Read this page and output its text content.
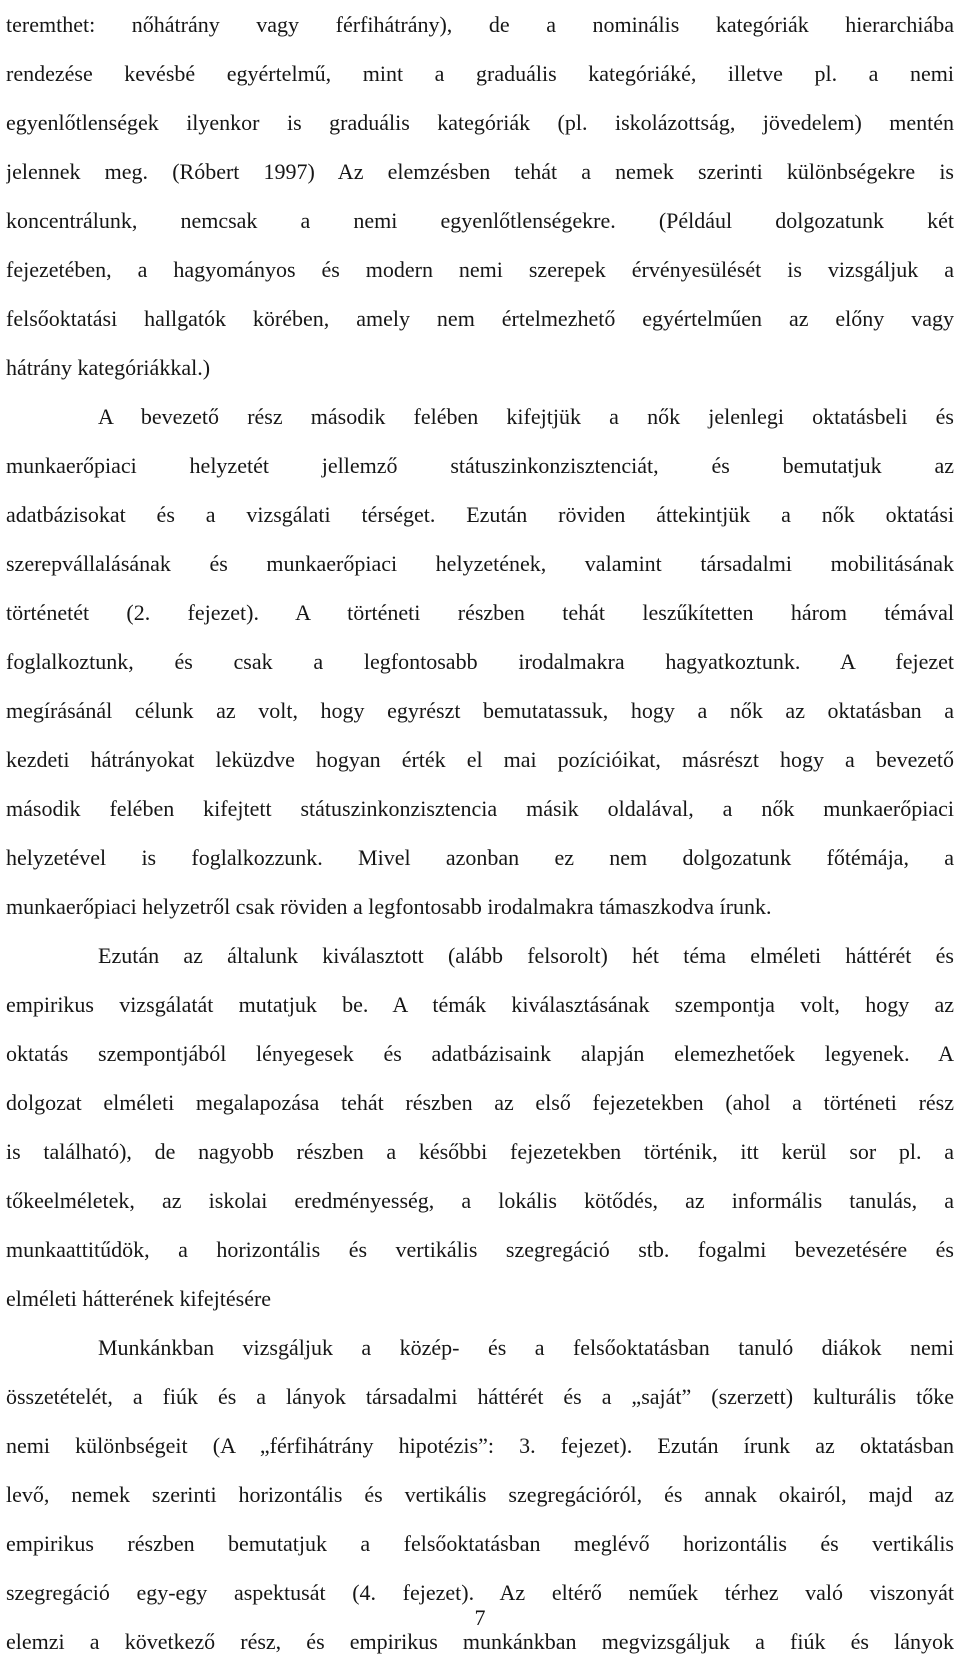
teremthet: nőhátrány vagy férfihátrány), de a nominális kategóriák hierarchiába
rendezése kevésbé egyértelmű, mint a graduális kategóriáké, illetve pl. a nemi
egyenlőtlenségek ilyenkor is graduális kategóriák (pl. iskolázottság, jövedelem) mentén
jelennek meg. (Róbert 1997) Az elemzésben tehát a nemek szerinti különbségekre is
koncentrálunk, nemcsak a nemi egyenlőtlenségekre. (Például dolgozatunk két
fejezetében, a hagyományos és modern nemi szerepek érvényesülését is vizsgáljuk a
felsőoktatási hallgatók körében, amely nem értelmezhető egyértelműen az előny vagy
hátrány kategóriákkal.)
A bevezető rész második felében kifejtjük a nők jelenlegi oktatásbeli és
munkaerőpiaci helyzetét jellemző státuszinkonzisztenciát, és bemutatjuk az
adatbázisokat és a vizsgálati térséget. Ezután röviden áttekintjük a nők oktatási
szerepvállalásának és munkaerőpiaci helyzetének, valamint társadalmi mobilitásának
történetét (2. fejezet). A történeti részben tehát leszűkítetten három témával
foglalkoztunk, és csak a legfontosabb irodalmakra hagyatkoztunk. A fejezet
megírásánál célunk az volt, hogy egyrészt bemutatassuk, hogy a nők az oktatásban a
kezdeti hátrányokat leküzdve hogyan érték el mai pozícióikat, másrészt hogy a bevezető
második felében kifejtett státuszinkonzisztencia másik oldalával, a nők munkaerőpiaci
helyzetével is foglalkozzunk. Mivel azonban ez nem dolgozatunk főtémája, a
munkaerőpiaci helyzetről csak röviden a legfontosabb irodalmakra támaszkodva írunk.
Ezután az általunk kiválasztott (alább felsorolt) hét téma elméleti háttérét és
empirikus vizsgálatát mutatjuk be. A témák kiválasztásának szempontja volt, hogy az
oktatás szempontjából lényegesek és adatbázisaink alapján elemezhetőek legyenek. A
dolgozat elméleti megalapozása tehát részben az első fejezetekben (ahol a történeti rész
is található), de nagyobb részben a későbbi fejezetekben történik, itt kerül sor pl. a
tőkeelméletek, az iskolai eredményesség, a lokális kötődés, az informális tanulás, a
munkaattitűdök, a horizontális és vertikális szegregáció stb. fogalmi bevezetésére és
elméleti hátterének kifejtésére
Munkánkban vizsgáljuk a közép- és a felsőoktatásban tanuló diákok nemi
összetételét, a fiúk és a lányok társadalmi háttérét és a „saját” (szerzett) kulturális tőke
nemi különbségeit (A „férfihátrány hipotézis”: 3. fejezet). Ezután írunk az oktatásban
levő, nemek szerinti horizontális és vertikális szegregációról, és annak okairól, majd az
empirikus részben bemutatjuk a felsőoktatásban meglévő horizontális és vertikális
szegregáció egy-egy aspektusát (4. fejezet). Az eltérő neműek térhez való viszonyát
elemzi a következő rész, és empirikus munkánkban megvizsgáljuk a fiúk és lányok
7
